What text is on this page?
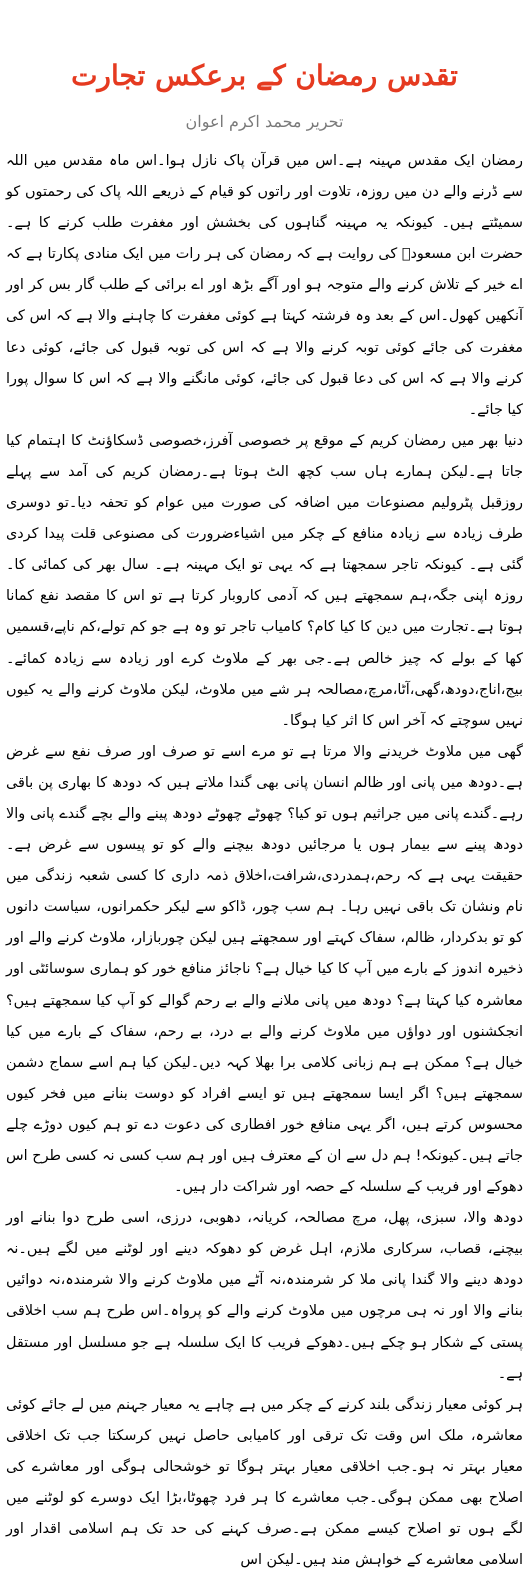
تقدس رمضان کے برعکس تجارت
تحریر محمد اکرم اعوان

رمضان ایک مقدس مہینہ ہے۔اس میں قرآن پاک نازل ہوا۔اس ماہ مقدس میں اللہ سے ڈرنے والے دن میں روزہ، تلاوت اور راتوں کو قیام کے ذریعے اللہ پاک کی رحمتوں کو سمیٹتے ہیں۔ کیونکہ یہ مہینہ گناہوں کی بخشش اور مغفرت طلب کرنے کا ہے۔حضرت ابن مسعودؓ کی روایت ہے کہ رمضان کی ہر رات میں ایک منادی پکارتا ہے کہ اے خیر کے تلاش کرنے والے متوجہ ہو اور آگے بڑھ اور اے برائی کے طلب گار بس کر اور آنکھیں کھول۔اس کے بعد وہ فرشتہ کہتا ہے کوئی مغفرت کا چاہنے والا ہے کہ اس کی مغفرت کی جائے کوئی توبہ کرنے والا ہے کہ اس کی توبہ قبول کی جائے، کوئی دعا کرنے والا ہے کہ اس کی دعا قبول کی جائے، کوئی مانگنے والا ہے کہ اس کا سوال پورا کیا جائے۔

دنیا بھر میں رمضان کریم کے موقع پر خصوصی آفرز،خصوصی ڈسکاؤنٹ کا اہتمام کیا جاتا ہے۔لیکن ہمارے ہاں سب کچھ الٹ ہوتا ہے۔رمضان کریم کی آمد سے پہلے روزقبل پٹرولیم مصنوعات میں اضافہ کی صورت میں عوام کو تحفہ دیا۔تو دوسری طرف زیادہ سے زیادہ منافع کے چکر میں اشیاءضرورت کی مصنوعی قلت پیدا کردی گئی ہے۔ کیونکہ تاجر سمجھتا ہے کہ یہی تو ایک مہینہ ہے۔ سال بھر کی کمائی کا۔روزہ اپنی جگہ،ہم سمجھتے ہیں کہ آدمی کاروبار کرتا ہے تو اس کا مقصد نفع کمانا ہوتا ہے۔تجارت میں دین کا کیا کام؟ کامیاب تاجر تو وہ ہے جو کم تولے،کم ناپے،قسمیں کھا کے بولے کہ چیز خالص ہے۔جی بھر کے ملاوٹ کرے اور زیادہ سے زیادہ کمائے۔بیج،اناج،دودھ،گھی،آٹا،مرچ،مصالحہ ہر شے میں ملاوٹ، لیکن ملاوٹ کرنے والے یہ کیوں نہیں سوچتے کہ آخر اس کا اثر کیا ہوگا۔

گھی میں ملاوٹ خریدنے والا مرتا ہے تو مرے اسے تو صرف اور صرف نفع سے غرض ہے۔دودھ میں پانی اور ظالم انسان پانی بھی گندا ملاتے ہیں کہ دودھ کا بھاری پن باقی رہے۔گندے پانی میں جراثیم ہوں تو کیا؟ چھوٹے چھوٹے دودھ پینے والے بچے گندے پانی والا دودھ پینے سے بیمار ہوں یا مرجائیں دودھ بیچنے والے کو تو پیسوں سے غرض ہے۔حقیقت یہی ہے کہ رحم،ہمدردی،شرافت،اخلاق ذمہ داری کا کسی شعبہ زندگی میں نام ونشان تک باقی نہیں رہا۔ ہم سب چور، ڈاکو سے لیکر حکمرانوں، سیاست دانوں کو تو بدکردار، ظالم، سفاک کہتے اور سمجھتے ہیں لیکن چوربازار، ملاوٹ کرنے والے اور ذخیرہ اندوز کے بارے میں آپ کا کیا خیال ہے؟ ناجائز منافع خور کو ہماری سوسائٹی اور معاشرہ کیا کہتا ہے؟ دودھ میں پانی ملانے والے بے رحم گوالے کو آپ کیا سمجھتے ہیں؟ انجکشنوں اور دواؤں میں ملاوٹ کرنے والے بے درد، بے رحم، سفاک کے بارے میں کیا خیال ہے؟ ممکن ہے ہم زبانی کلامی برا بھلا کہہ دیں۔لیکن کیا ہم اسے سماج دشمن سمجھتے ہیں؟ اگر ایسا سمجھتے ہیں تو ایسے افراد کو دوست بنانے میں فخر کیوں محسوس کرتے ہیں، اگر یہی منافع خور افطاری کی دعوت دے تو ہم کیوں دوڑے چلے جاتے ہیں۔کیونکہ! ہم دل سے ان کے معترف ہیں اور ہم سب کسی نہ کسی طرح اس دھوکے اور فریب کے سلسلہ کے حصہ اور شراکت دار ہیں۔

دودھ والا، سبزی، پھل، مرچ مصالحہ، کریانہ، دھوبی، درزی، اسی طرح دوا بنانے اور بیچنے، قصاب، سرکاری ملازم، اہل غرض کو دھوکہ دینے اور لوٹنے میں لگے ہیں۔نہ دودھ دینے والا گندا پانی ملا کر شرمندہ،نہ آٹے میں ملاوٹ کرنے والا شرمندہ،نہ دوائیں بنانے والا اور نہ ہی مرچوں میں ملاوٹ کرنے والے کو پرواہ۔اس طرح ہم سب اخلاقی پستی کے شکار ہو چکے ہیں۔دھوکے فریب کا ایک سلسلہ ہے جو مسلسل اور مستقل ہے۔

ہر کوئی معیار زندگی بلند کرنے کے چکر میں ہے چاہے یہ معیار جہنم میں لے جائے کوئی معاشرہ، ملک اس وقت تک ترقی اور کامیابی حاصل نہیں کرسکتا جب تک اخلاقی معیار بہتر نہ ہو۔جب اخلاقی معیار بہتر ہوگا تو خوشحالی ہوگی اور معاشرے کی اصلاح بھی ممکن ہوگی۔جب معاشرے کا ہر فرد چھوٹا،بڑا ایک دوسرے کو لوٹنے میں لگے ہوں تو اصلاح کیسے ممکن ہے۔صرف کہنے کی حد تک ہم اسلامی اقدار اور اسلامی معاشرے کے خواہش مند ہیں۔لیکن اس
